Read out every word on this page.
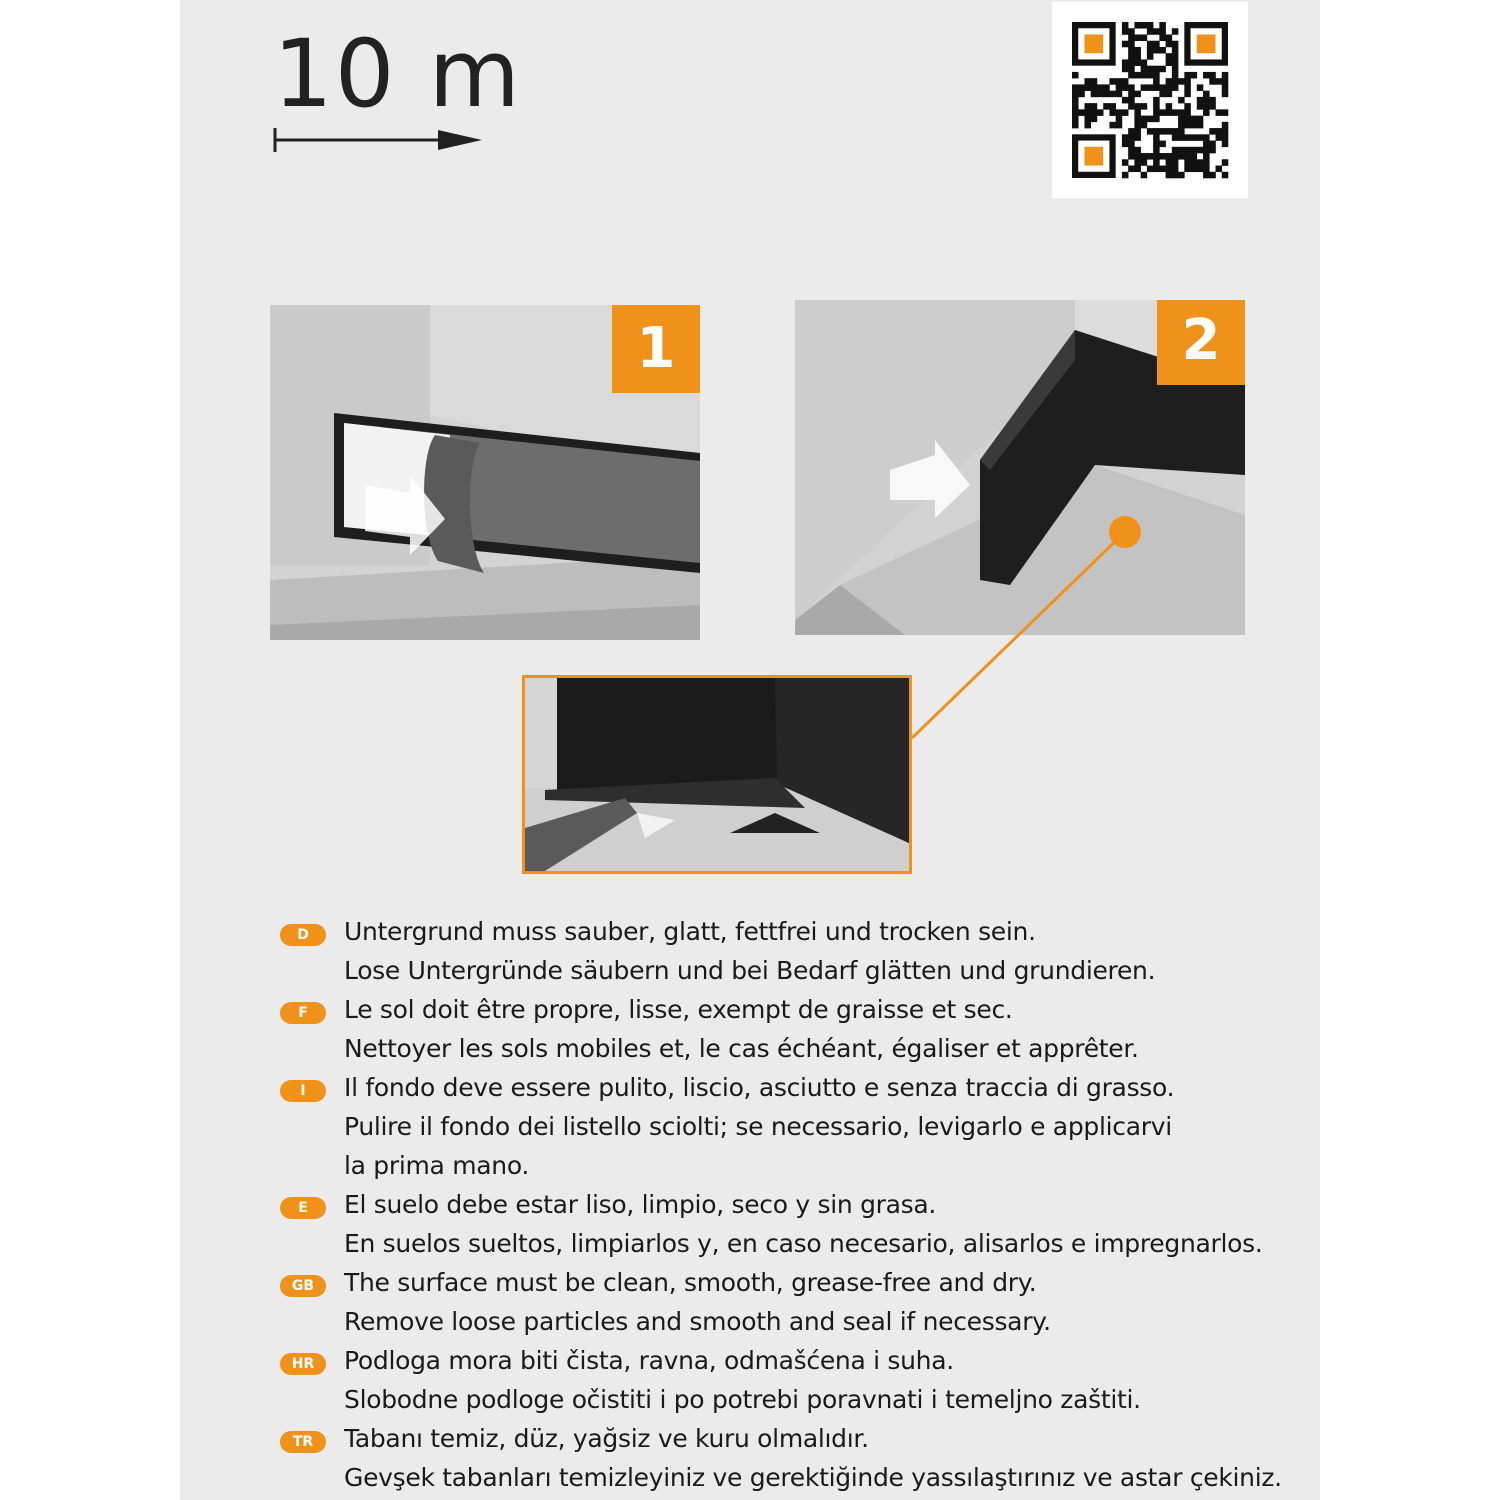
10 m
1	2
D	Untergrund muss sauber, glatt, fettfrei und trocken sein.
Lose Untergründe säubern und bei Bedarf glätten und grundieren.
F	Le sol doit être propre, lisse, exempt de graisse et sec.
Nettoyer les sols mobiles et, le cas échéant, égaliser et apprêter.
I	Il fondo deve essere pulito, liscio, asciutto e senza traccia di grasso.
Pulire il fondo dei listello sciolti; se necessario, levigarlo e applicarvi
la prima mano.
E	El suelo debe estar liso, limpio, seco y sin grasa.
En suelos sueltos, limpiarlos y, en caso necesario, alisarlos e impregnarlos.
GB	The surface must be clean, smooth, grease-free and dry.
Remove loose particles and smooth and seal if necessary.
HR	Podloga mora biti čista, ravna, odmašćena i suha.
Slobodne podloge očistiti i po potrebi poravnati i temeljno zaštiti.
TR	Tabanı temiz, düz, yağsiz ve kuru olmalıdır.
Gevşek tabanları temizleyiniz ve gerektiğinde yassılaştırınız ve astar çekiniz.
